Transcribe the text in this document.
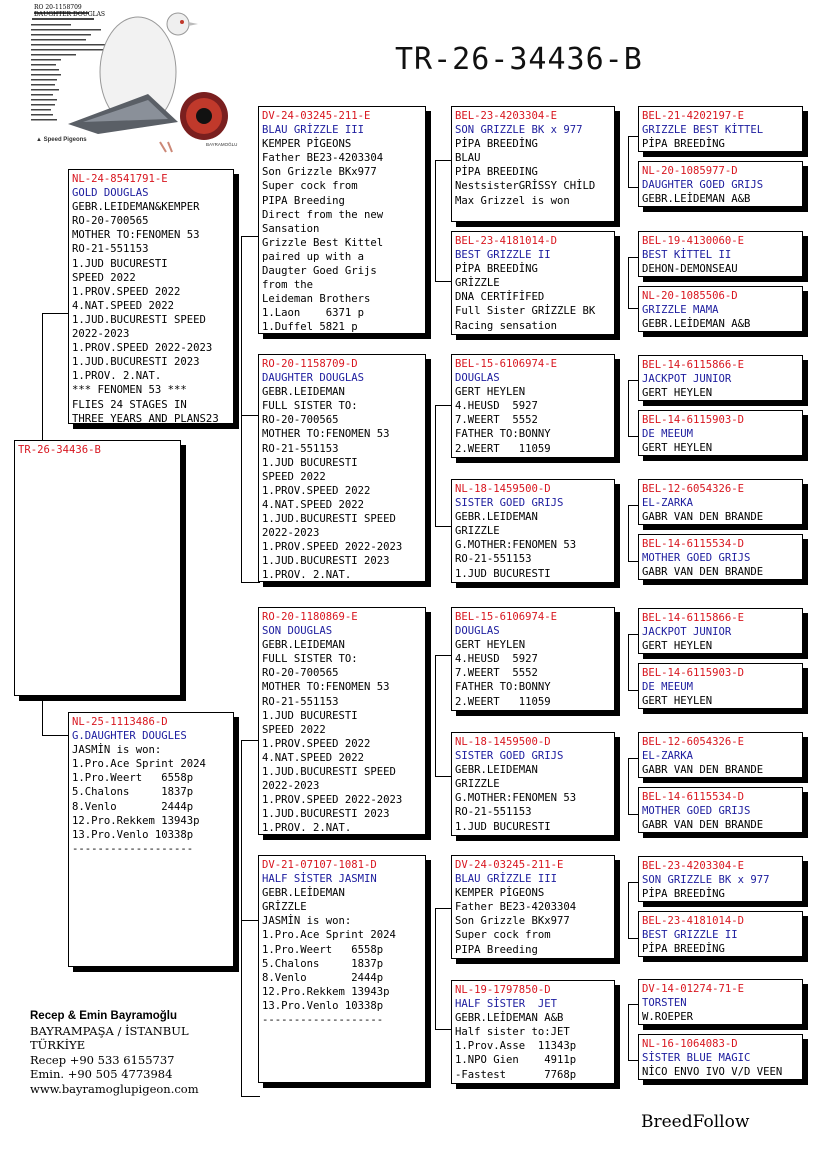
TR-26-34436-B
RO 20-1158709
DAUGHTER DOUGLAS
▲ Speed Pigeons
BAYRAMOĞLU
TR-26-34436-B
NL-24-8541791-E
GOLD DOUGLAS
GEBR.LEIDEMAN&KEMPER
RO-20-700565
MOTHER TO:FENOMEN 53
RO-21-551153
1.JUD BUCURESTI
SPEED 2022
1.PROV.SPEED 2022
4.NAT.SPEED 2022
1.JUD.BUCURESTI SPEED
2022-2023
1.PROV.SPEED 2022-2023
1.JUD.BUCURESTI 2023
1.PROV. 2.NAT.
*** FENOMEN 53 ***
FLIES 24 STAGES IN
THREE YEARS AND PLANS23
NL-25-1113486-D
G.DAUGHTER DOUGLES
JASMİN is won:
1.Pro.Ace Sprint 2024
1.Pro.Weert   6558p
5.Chalons     1837p
8.Venlo       2444p
12.Pro.Rekkem 13943p
13.Pro.Venlo 10338p
-------------------
DV-24-03245-211-E
BLAU GRİZZLE III
KEMPER PİGEONS
Father BE23-4203304
Son Grizzle BKx977
Super cock from
PIPA Breeding
Direct from the new
Sansation
Grizzle Best Kittel
paired up with a
Daugter Goed Grijs
from the
Leideman Brothers
1.Laon    6371 p
1.Duffel 5821 p
RO-20-1158709-D
DAUGHTER DOUGLAS
GEBR.LEIDEMAN
FULL SISTER TO:
RO-20-700565
MOTHER TO:FENOMEN 53
RO-21-551153
1.JUD BUCURESTI
SPEED 2022
1.PROV.SPEED 2022
4.NAT.SPEED 2022
1.JUD.BUCURESTI SPEED
2022-2023
1.PROV.SPEED 2022-2023
1.JUD.BUCURESTI 2023
1.PROV. 2.NAT.
RO-20-1180869-E
SON DOUGLAS
GEBR.LEIDEMAN
FULL SISTER TO:
RO-20-700565
MOTHER TO:FENOMEN 53
RO-21-551153
1.JUD BUCURESTI
SPEED 2022
1.PROV.SPEED 2022
4.NAT.SPEED 2022
1.JUD.BUCURESTI SPEED
2022-2023
1.PROV.SPEED 2022-2023
1.JUD.BUCURESTI 2023
1.PROV. 2.NAT.
DV-21-07107-1081-D
HALF SİSTER JASMIN
GEBR.LEİDEMAN
GRİZZLE
JASMİN is won:
1.Pro.Ace Sprint 2024
1.Pro.Weert   6558p
5.Chalons     1837p
8.Venlo       2444p
12.Pro.Rekkem 13943p
13.Pro.Venlo 10338p
-------------------
BEL-23-4203304-E
SON GRIZZLE BK x 977
PİPA BREEDİNG
BLAU
PİPA BREEDING
NestsisterGRİSSY CHİLD
Max Grizzel is won
BEL-23-4181014-D
BEST GRIZZLE II
PİPA BREEDİNG
GRİZZLE
DNA CERTİFİFED
Full Sister GRİZZLE BK
Racing sensation
BEL-15-6106974-E
DOUGLAS
GERT HEYLEN
4.HEUSD  5927
7.WEERT  5552
FATHER TO:BONNY
2.WEERT   11059
NL-18-1459500-D
SISTER GOED GRIJS
GEBR.LEIDEMAN
GRIZZLE
G.MOTHER:FENOMEN 53
RO-21-551153
1.JUD BUCURESTI
BEL-15-6106974-E
DOUGLAS
GERT HEYLEN
4.HEUSD  5927
7.WEERT  5552
FATHER TO:BONNY
2.WEERT   11059
NL-18-1459500-D
SISTER GOED GRIJS
GEBR.LEIDEMAN
GRIZZLE
G.MOTHER:FENOMEN 53
RO-21-551153
1.JUD BUCURESTI
DV-24-03245-211-E
BLAU GRİZZLE III
KEMPER PİGEONS
Father BE23-4203304
Son Grizzle BKx977
Super cock from
PIPA Breeding
NL-19-1797850-D
HALF SİSTER  JET
GEBR.LEİDEMAN A&B
Half sister to:JET
1.Prov.Asse  11343p
1.NPO Gien    4911p
-Fastest      7768p
BEL-21-4202197-E
GRIZZLE BEST KİTTEL
PİPA BREEDİNG
NL-20-1085977-D
DAUGHTER GOED GRIJS
GEBR.LEİDEMAN A&B
BEL-19-4130060-E
BEST KİTTEL II
DEHON-DEMONSEAU
NL-20-1085506-D
GRIZZLE MAMA
GEBR.LEİDEMAN A&B
BEL-14-6115866-E
JACKPOT JUNIOR
GERT HEYLEN
BEL-14-6115903-D
DE MEEUM
GERT HEYLEN
BEL-12-6054326-E
EL-ZARKA
GABR VAN DEN BRANDE
BEL-14-6115534-D
MOTHER GOED GRIJS
GABR VAN DEN BRANDE
BEL-14-6115866-E
JACKPOT JUNIOR
GERT HEYLEN
BEL-14-6115903-D
DE MEEUM
GERT HEYLEN
BEL-12-6054326-E
EL-ZARKA
GABR VAN DEN BRANDE
BEL-14-6115534-D
MOTHER GOED GRIJS
GABR VAN DEN BRANDE
BEL-23-4203304-E
SON GRIZZLE BK x 977
PİPA BREEDİNG
BEL-23-4181014-D
BEST GRIZZLE II
PİPA BREEDİNG
DV-14-01274-71-E
TORSTEN
W.ROEPER
NL-16-1064083-D
SİSTER BLUE MAGIC
NİCO ENVO IVO V/D VEEN
Recep & Emin Bayramoğlu
BAYRAMPAŞA / İSTANBUL
TÜRKİYE
Recep +90 533 6155737
Emin. +90 505 4773984
www.bayramoglupigeon.com
BreedFollow
